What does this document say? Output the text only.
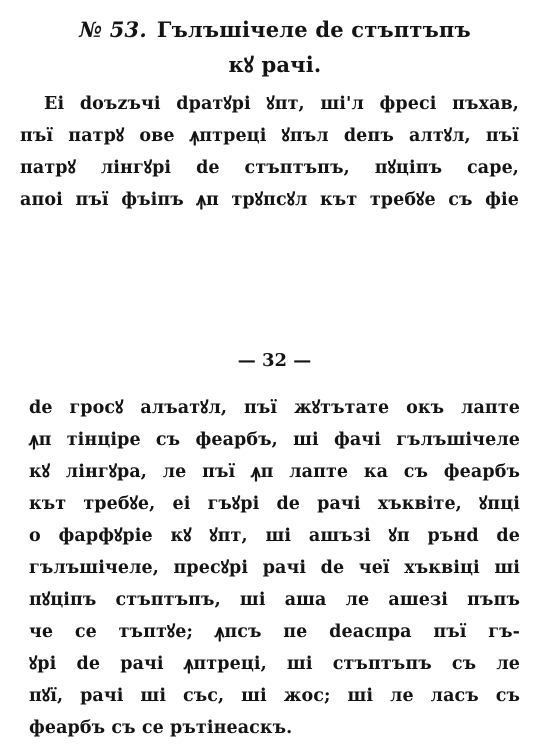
№ 53. Гълъшічеле de стъптъпъ
кꙋ рачі.
Еі doъzъчі dpaтꙋpі ꙋпт, шi'л фреcі пъхав,
пъї патрꙋ ове ꙟптреці ꙋпъл dепъ алтꙋл, пъї
патрꙋ лінгꙋрі de стъптъпъ, пꙋціпъ саре,
апоі пъї фъіпъ ꙟп трꙋпсꙋл кът требꙋе съ фіе
— 32 —
de гросꙋ алъатꙋл, пъї жꙋтътате окъ лапте
ꙟп тінціре съ феарбъ, шi фачі гълъшічеле
кꙋ лінгꙋра, ле пъї ꙟп лапте ка съ феарбъ
кът требꙋе, еі гъꙋрі de рачі хъквіте, ꙋпці
о фарфꙋріе кꙋ ꙋпт, шi ашъзі ꙋп рънd de
гълъшічеле, пресꙋрі рачі de чеї хъквіці шi
пꙋціпъ стъптъпъ, шi аша ле ашезі пъпъ
че се тъптꙋе; ꙟпсъ пе deаспра пъї гъ-
ꙋрі de рачі ꙟптреці, шi стъптъпъ съ ле
пꙋї, рачі шi със, шi жос; шi ле ласъ съ
феарбъ съ се рътінеаскъ.
